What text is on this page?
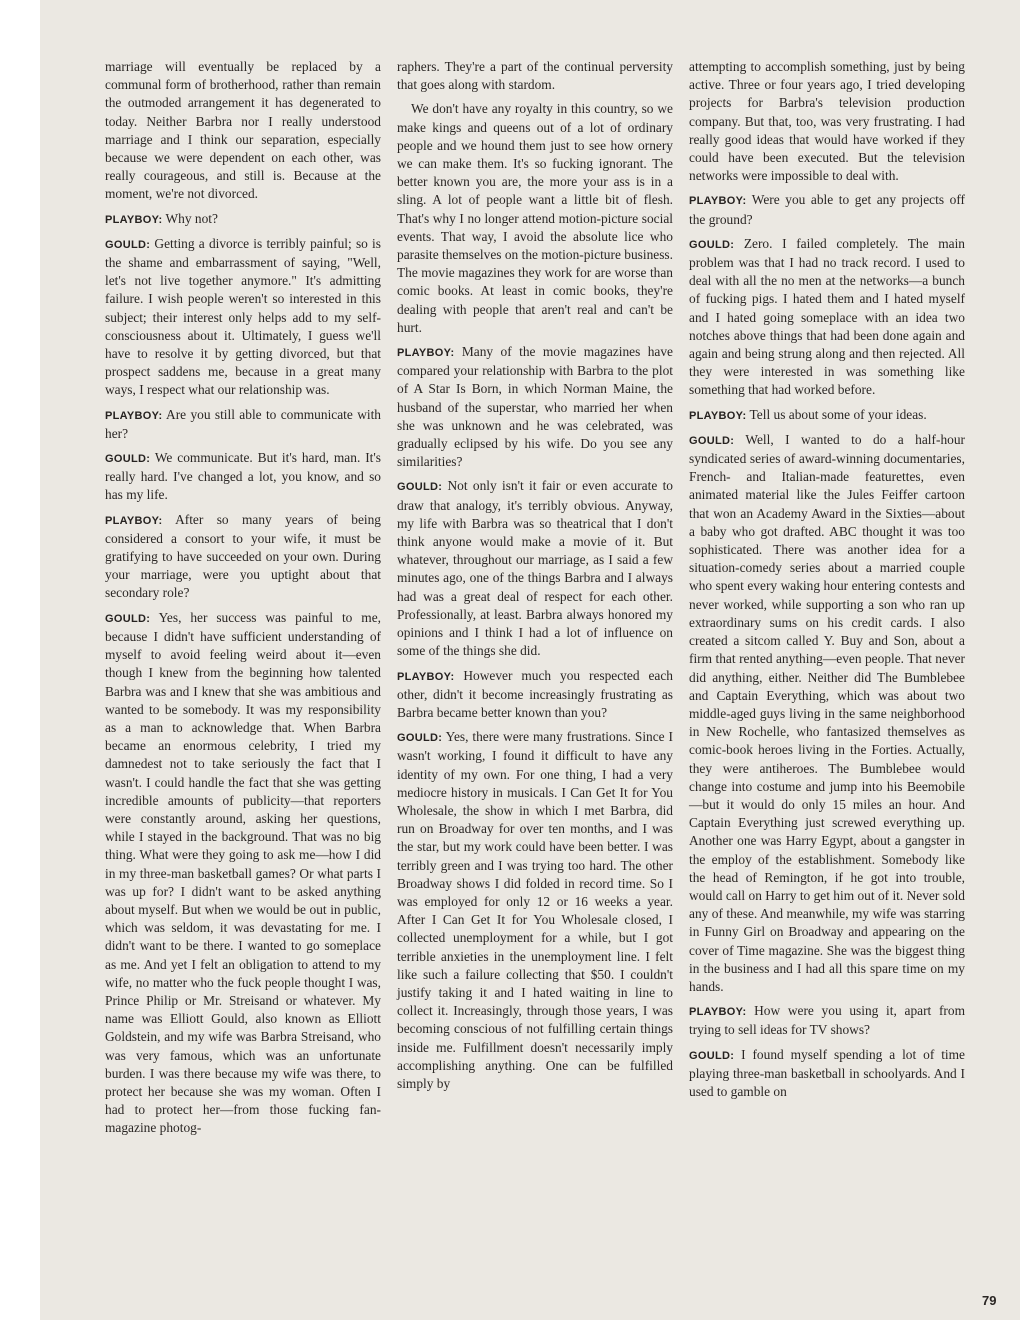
marriage will eventually be replaced by a communal form of brotherhood, rather than remain the outmoded arrangement it has degenerated to today. Neither Barbra nor I really understood marriage and I think our separation, especially because we were dependent on each other, was really courageous, and still is. Because at the moment, we're not divorced.

PLAYBOY: Why not?

GOULD: Getting a divorce is terribly painful; so is the shame and embarrassment of saying, "Well, let's not live together anymore." It's admitting failure. I wish people weren't so interested in this subject; their interest only helps add to my self-consciousness about it. Ultimately, I guess we'll have to resolve it by getting divorced, but that prospect saddens me, because in a great many ways, I respect what our relationship was.

PLAYBOY: Are you still able to communicate with her?

GOULD: We communicate. But it's hard, man. It's really hard. I've changed a lot, you know, and so has my life.

PLAYBOY: After so many years of being considered a consort to your wife, it must be gratifying to have succeeded on your own. During your marriage, were you uptight about that secondary role?

GOULD: Yes, her success was painful to me, because I didn't have sufficient understanding of myself to avoid feeling weird about it—even though I knew from the beginning how talented Barbra was and I knew that she was ambitious and wanted to be somebody. It was my responsibility as a man to acknowledge that. When Barbra became an enormous celebrity, I tried my damnedest not to take seriously the fact that I wasn't. I could handle the fact that she was getting incredible amounts of publicity—that reporters were constantly around, asking her questions, while I stayed in the background. That was no big thing. What were they going to ask me—how I did in my three-man basketball games? Or what parts I was up for? I didn't want to be asked anything about myself. But when we would be out in public, which was seldom, it was devastating for me. I didn't want to be there. I wanted to go someplace as me. And yet I felt an obligation to attend to my wife, no matter who the fuck people thought I was, Prince Philip or Mr. Streisand or whatever. My name was Elliott Gould, also known as Elliott Goldstein, and my wife was Barbra Streisand, who was very famous, which was an unfortunate burden. I was there because my wife was there, to protect her because she was my woman. Often I had to protect her—from those fucking fan-magazine photog-

raphers. They're a part of the continual perversity that goes along with stardom.

We don't have any royalty in this country, so we make kings and queens out of a lot of ordinary people and we hound them just to see how ornery we can make them. It's so fucking ignorant. The better known you are, the more your ass is in a sling. A lot of people want a little bit of flesh. That's why I no longer attend motion-picture social events. That way, I avoid the absolute lice who parasite themselves on the motion-picture business. The movie magazines they work for are worse than comic books. At least in comic books, they're dealing with people that aren't real and can't be hurt.

PLAYBOY: Many of the movie magazines have compared your relationship with Barbra to the plot of A Star Is Born, in which Norman Maine, the husband of the superstar, who married her when she was unknown and he was celebrated, was gradually eclipsed by his wife. Do you see any similarities?

GOULD: Not only isn't it fair or even accurate to draw that analogy, it's terribly obvious. Anyway, my life with Barbra was so theatrical that I don't think anyone would make a movie of it. But whatever, throughout our marriage, as I said a few minutes ago, one of the things Barbra and I always had was a great deal of respect for each other. Professionally, at least. Barbra always honored my opinions and I think I had a lot of influence on some of the things she did.

PLAYBOY: However much you respected each other, didn't it become increasingly frustrating as Barbra became better known than you?

GOULD: Yes, there were many frustrations. Since I wasn't working, I found it difficult to have any identity of my own. For one thing, I had a very mediocre history in musicals. I Can Get It for You Wholesale, the show in which I met Barbra, did run on Broadway for over ten months, and I was the star, but my work could have been better. I was terribly green and I was trying too hard. The other Broadway shows I did folded in record time. So I was employed for only 12 or 16 weeks a year. After I Can Get It for You Wholesale closed, I collected unemployment for a while, but I got terrible anxieties in the unemployment line. I felt like such a failure collecting that $50. I couldn't justify taking it and I hated waiting in line to collect it. Increasingly, through those years, I was becoming conscious of not fulfilling certain things inside me. Fulfillment doesn't necessarily imply accomplishing anything. One can be fulfilled simply by

attempting to accomplish something, just by being active. Three or four years ago, I tried developing projects for Barbra's television production company. But that, too, was very frustrating. I had really good ideas that would have worked if they could have been executed. But the television networks were impossible to deal with.

PLAYBOY: Were you able to get any projects off the ground?

GOULD: Zero. I failed completely. The main problem was that I had no track record. I used to deal with all the no men at the networks—a bunch of fucking pigs. I hated them and I hated myself and I hated going someplace with an idea two notches above things that had been done again and again and being strung along and then rejected. All they were interested in was something like something that had worked before.

PLAYBOY: Tell us about some of your ideas.

GOULD: Well, I wanted to do a half-hour syndicated series of award-winning documentaries, French- and Italian-made featurettes, even animated material like the Jules Feiffer cartoon that won an Academy Award in the Sixties—about a baby who got drafted. ABC thought it was too sophisticated. There was another idea for a situation-comedy series about a married couple who spent every waking hour entering contests and never worked, while supporting a son who ran up extraordinary sums on his credit cards. I also created a sitcom called Y. Buy and Son, about a firm that rented anything—even people. That never did anything, either. Neither did The Bumblebee and Captain Everything, which was about two middle-aged guys living in the same neighborhood in New Rochelle, who fantasized themselves as comic-book heroes living in the Forties. Actually, they were antiheroes. The Bumblebee would change into costume and jump into his Beemobile—but it would do only 15 miles an hour. And Captain Everything just screwed everything up. Another one was Harry Egypt, about a gangster in the employ of the establishment. Somebody like the head of Remington, if he got into trouble, would call on Harry to get him out of it. Never sold any of these. And meanwhile, my wife was starring in Funny Girl on Broadway and appearing on the cover of Time magazine. She was the biggest thing in the business and I had all this spare time on my hands.

PLAYBOY: How were you using it, apart from trying to sell ideas for TV shows?

GOULD: I found myself spending a lot of time playing three-man basketball in schoolyards. And I used to gamble on

79
